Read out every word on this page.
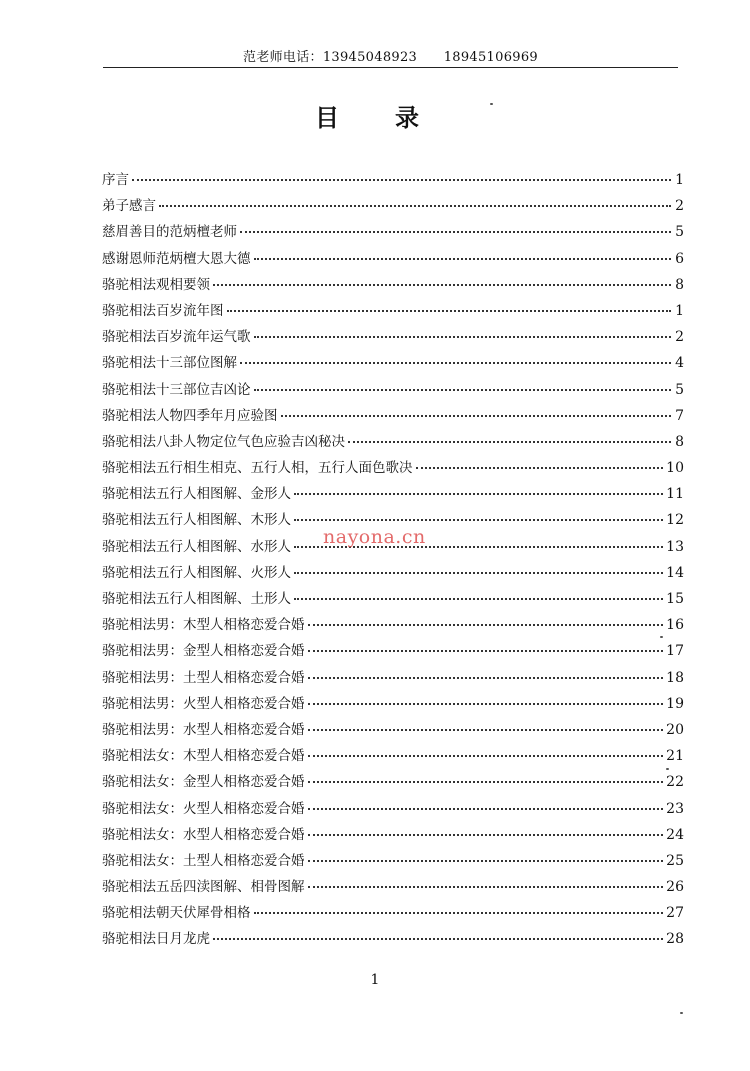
范老师电话：13945048923　　18945106969
目　录
序言	1
弟子感言	2
慈眉善目的范炳檀老师	5
感谢恩师范炳檀大恩大德	6
骆驼相法观相要领	8
骆驼相法百岁流年图	1
骆驼相法百岁流年运气歌	2
骆驼相法十三部位图解	4
骆驼相法十三部位吉凶论	5
骆驼相法人物四季年月应验图	7
骆驼相法八卦人物定位气色应验吉凶秘决	8
骆驼相法五行相生相克、五行人相，五行人面色歌决	10
骆驼相法五行人相图解、金形人	11
骆驼相法五行人相图解、木形人	12
骆驼相法五行人相图解、水形人	13
骆驼相法五行人相图解、火形人	14
骆驼相法五行人相图解、土形人	15
骆驼相法男：木型人相格恋爱合婚	16
骆驼相法男：金型人相格恋爱合婚	17
骆驼相法男：土型人相格恋爱合婚	18
骆驼相法男：火型人相格恋爱合婚	19
骆驼相法男：水型人相格恋爱合婚	20
骆驼相法女：木型人相格恋爱合婚	21
骆驼相法女：金型人相格恋爱合婚	22
骆驼相法女：火型人相格恋爱合婚	23
骆驼相法女：水型人相格恋爱合婚	24
骆驼相法女：土型人相格恋爱合婚	25
骆驼相法五岳四渎图解、相骨图解	26
骆驼相法朝天伏犀骨相格	27
骆驼相法日月龙虎	28
nayona.cn
1
